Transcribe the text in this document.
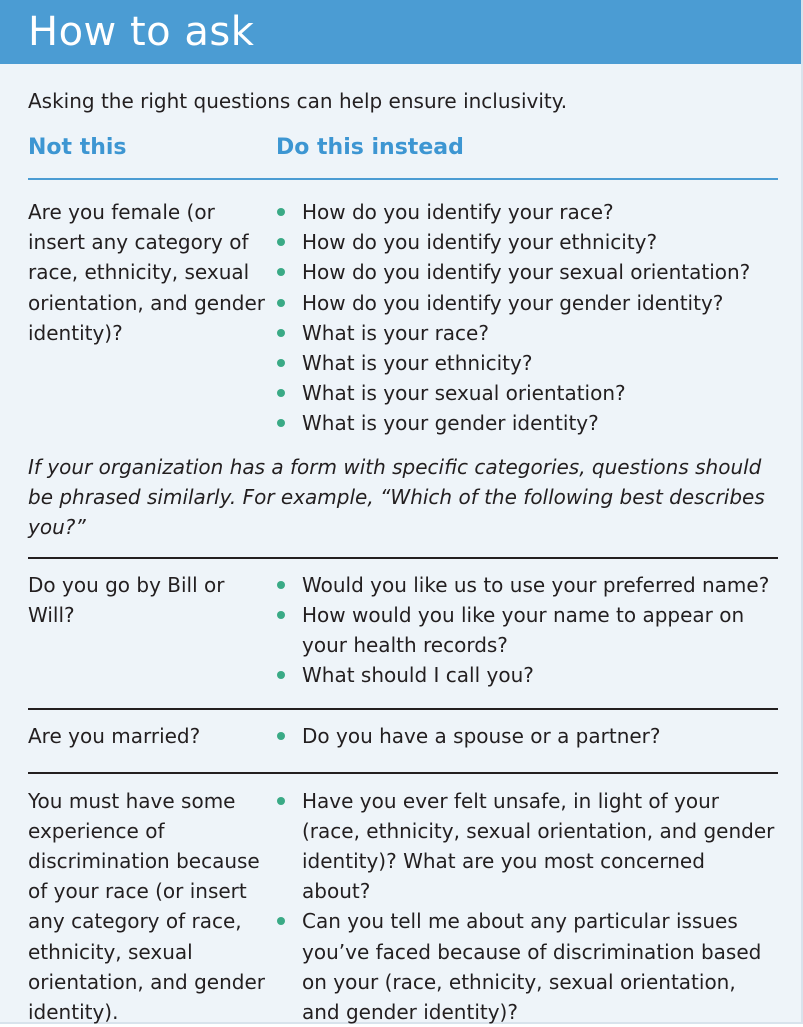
How to ask

Asking the right questions can help ensure inclusivity.

Not this	Do this instead
Are you female (or insert any category of race, ethnicity, sexual orientation, and gender identity)?
How do you identify your race?
How do you identify your ethnicity?
How do you identify your sexual orientation?
How do you identify your gender identity?
What is your race?
What is your ethnicity?
What is your sexual orientation?
What is your gender identity?

If your organization has a form with specific categories, questions should be phrased similarly. For example, “Which of the following best describes you?”

Do you go by Bill or Will?
Would you like us to use your preferred name?
How would you like your name to appear on your health records?
What should I call you?
Are you married?	Do you have a spouse or a partner?
You must have some experience of discrimination because of your race (or insert any category of race, ethnicity, sexual orientation, and gender identity).
Have you ever felt unsafe, in light of your (race, ethnicity, sexual orientation, and gender identity)? What are you most concerned about?
Can you tell me about any particular issues you’ve faced because of discrimination based on your (race, ethnicity, sexual orientation, and gender identity)?
